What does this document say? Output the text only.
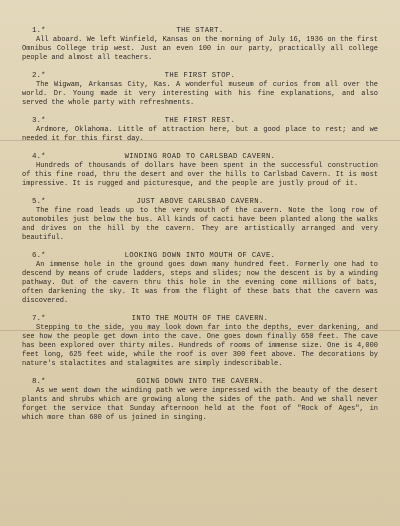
1.*	THE START.

All aboard. We left Winfield, Kansas on the morning of July 16, 1936 on the first Omnibus College trip west. Just an even 100 in our party, practically all college people and almost all teachers.

2.*	THE FIRST STOP.

The Wigwam, Arkansas City, Kas. A wonderful museum of curios from all over the world. Dr. Young made it very interesting with his fine explanations, and also served the whole party with refreshments.

3.*	THE FIRST REST.

Ardmore, Oklahoma. Little of attraction here, but a good place to rest; and we needed it for this first day.

4.*	WINDING ROAD TO CARLSBAD CAVERN.

Hundreds of thousands of dollars have been spent in the successful construction of this fine road, thru the desert and over the hills to Carlsbad Cavern. It is most impressive. It is rugged and picturesque, and the people are justly proud of it.

5.*	JUST ABOVE CARLSBAD CAVERN.

The fine road leads up to the very mouth of the cavern. Note the long row of automobiles just below the bus. All kinds of cacti have been planted along the walks and drives on the hill by the cavern. They are artistically arranged and very beautiful.

6.*	LOOKING DOWN INTO MOUTH OF CAVE.

An immense hole in the ground goes down many hundred feet. Formerly one had to descend by means of crude ladders, steps and slides; now the descent is by a winding pathway. Out of the cavern thru this hole in the evening come millions of bats, often darkening the sky. It was from the flight of these bats that the cavern was discovered.

7.*	INTO THE MOUTH OF THE CAVERN.

Stepping to the side, you may look down far into the depths, ever darkening, and see how the people get down into the cave. One goes down finally 650 feet. The cave has been explored over thirty miles. Hundreds of rooms of immense size. One is 4,000 feet long, 625 feet wide, while the roof is over 300 feet above. The decorations by nature's stalactites and stalagmites are simply indescribable.

8.*	GOING DOWN INTO THE CAVERN.

As we went down the winding path we were impressed with the beauty of the desert plants and shrubs which are growing along the sides of the path. And we shall never forget the service that Sunday afternoon held at the foot of "Rock of Ages", in which more than 600 of us joined in singing.
